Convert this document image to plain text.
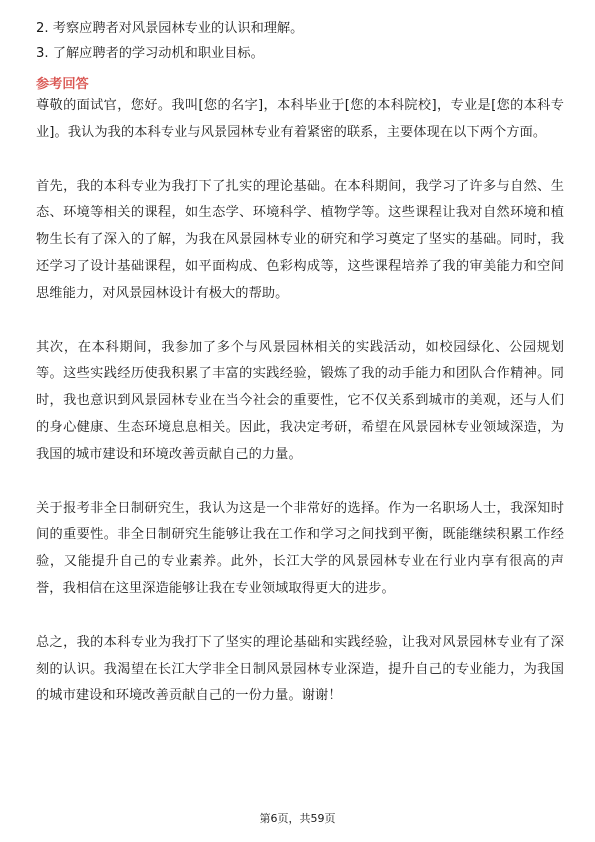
2. 考察应聘者对风景园林专业的认识和理解。
3. 了解应聘者的学习动机和职业目标。
参考回答

尊敬的面试官，您好。我叫[您的名字]，本科毕业于[您的本科院校]，专业是[您的本科专业]。我认为我的本科专业与风景园林专业有着紧密的联系，主要体现在以下两个方面。

首先，我的本科专业为我打下了扎实的理论基础。在本科期间，我学习了许多与自然、生态、环境等相关的课程，如生态学、环境科学、植物学等。这些课程让我对自然环境和植物生长有了深入的了解，为我在风景园林专业的研究和学习奠定了坚实的基础。同时，我还学习了设计基础课程，如平面构成、色彩构成等，这些课程培养了我的审美能力和空间思维能力，对风景园林设计有极大的帮助。

其次，在本科期间，我参加了多个与风景园林相关的实践活动，如校园绿化、公园规划等。这些实践经历使我积累了丰富的实践经验，锻炼了我的动手能力和团队合作精神。同时，我也意识到风景园林专业在当今社会的重要性，它不仅关系到城市的美观，还与人们的身心健康、生态环境息息相关。因此，我决定考研，希望在风景园林专业领域深造，为我国的城市建设和环境改善贡献自己的力量。

关于报考非全日制研究生，我认为这是一个非常好的选择。作为一名职场人士，我深知时间的重要性。非全日制研究生能够让我在工作和学习之间找到平衡，既能继续积累工作经验，又能提升自己的专业素养。此外，长江大学的风景园林专业在行业内享有很高的声誉，我相信在这里深造能够让我在专业领域取得更大的进步。

总之，我的本科专业为我打下了坚实的理论基础和实践经验，让我对风景园林专业有了深刻的认识。我渴望在长江大学非全日制风景园林专业深造，提升自己的专业能力，为我国的城市建设和环境改善贡献自己的一份力量。谢谢！

第6页，共59页
